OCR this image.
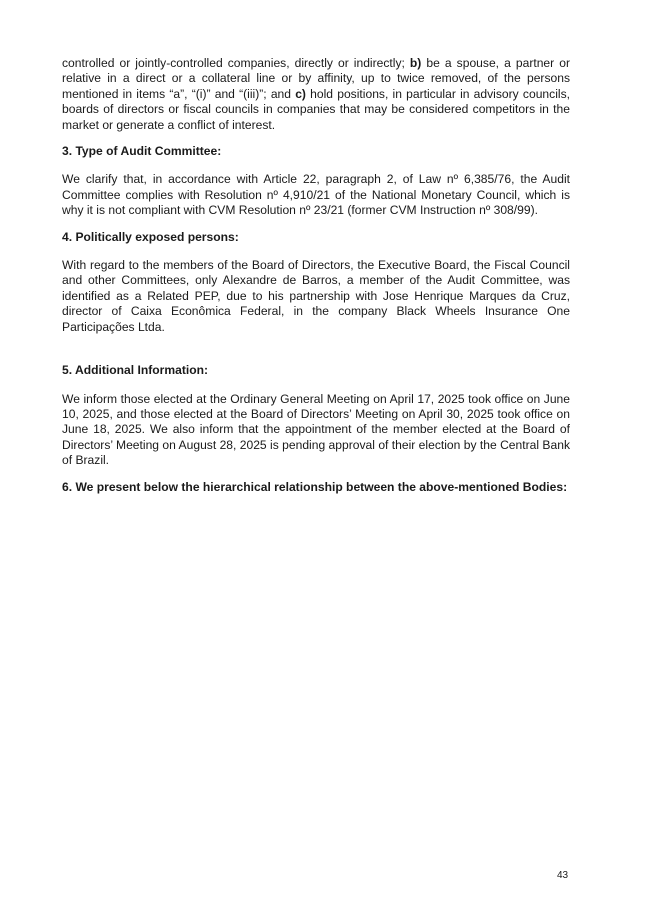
controlled or jointly-controlled companies, directly or indirectly; b) be a spouse, a partner or relative in a direct or a collateral line or by affinity, up to twice removed, of the persons mentioned in items “a”, “(i)” and “(iii)”; and c) hold positions, in particular in advisory councils, boards of directors or fiscal councils in companies that may be considered competitors in the market or generate a conflict of interest.

3. Type of Audit Committee:

We clarify that, in accordance with Article 22, paragraph 2, of Law nº 6,385/76, the Audit Committee complies with Resolution nº 4,910/21 of the National Monetary Council, which is why it is not compliant with CVM Resolution nº 23/21 (former CVM Instruction nº 308/99).

4. Politically exposed persons:

With regard to the members of the Board of Directors, the Executive Board, the Fiscal Council and other Committees, only Alexandre de Barros, a member of the Audit Committee, was identified as a Related PEP, due to his partnership with Jose Henrique Marques da Cruz, director of Caixa Econômica Federal, in the company Black Wheels Insurance One Participações Ltda.

5. Additional Information:

We inform those elected at the Ordinary General Meeting on April 17, 2025 took office on June 10, 2025, and those elected at the Board of Directors’ Meeting on April 30, 2025 took office on June 18, 2025. We also inform that the appointment of the member elected at the Board of Directors’ Meeting on August 28, 2025 is pending approval of their election by the Central Bank of Brazil.

6. We present below the hierarchical relationship between the above-mentioned Bodies:

43
